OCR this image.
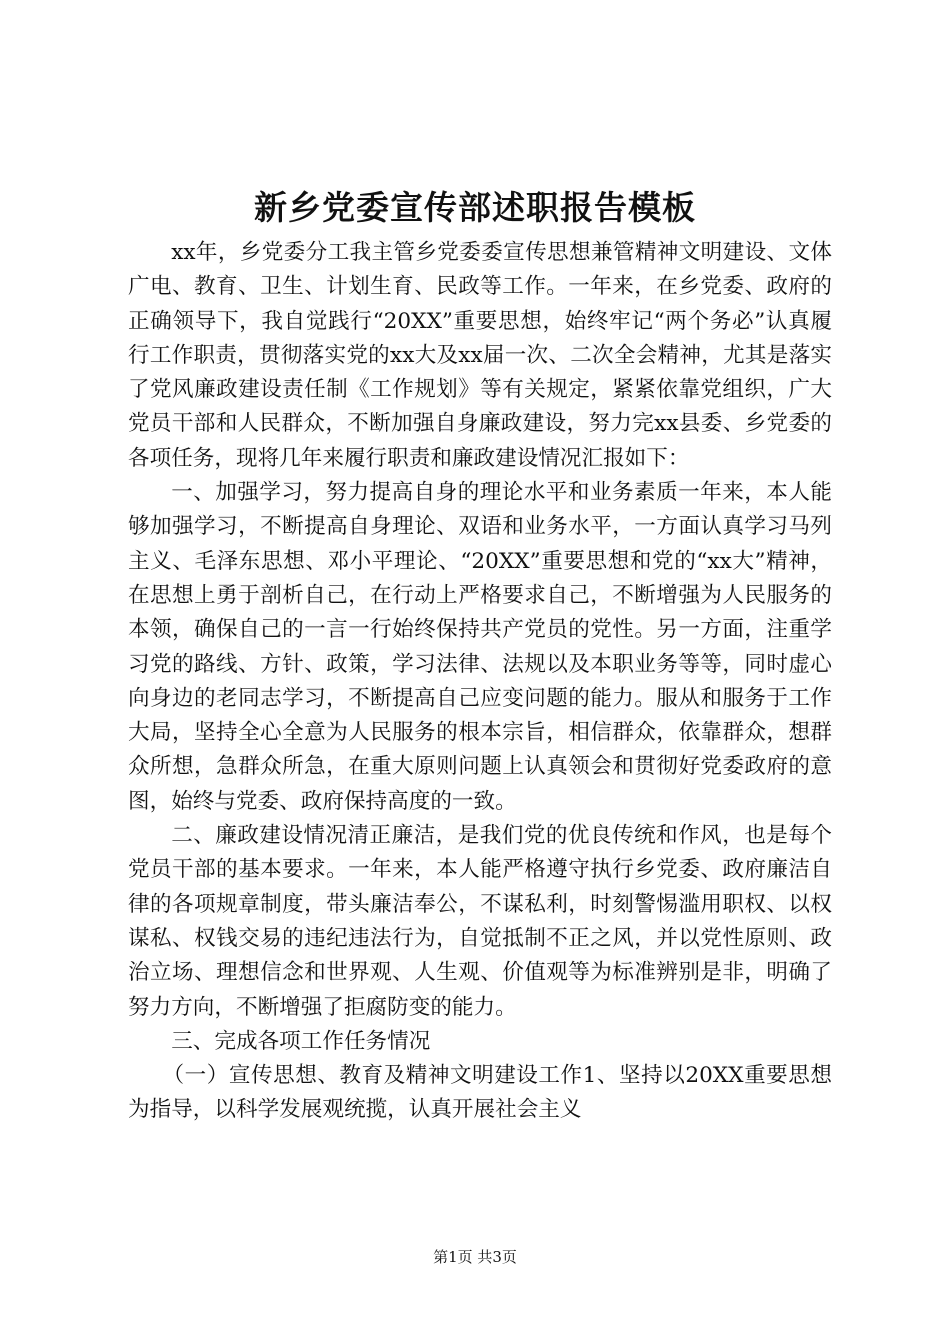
新乡党委宣传部述职报告模板

xx年，乡党委分工我主管乡党委委宣传思想兼管精神文明建设、文体广电、教育、卫生、计划生育、民政等工作。一年来，在乡党委、政府的正确领导下，我自觉践行“20XX”重要思想，始终牢记“两个务必”认真履行工作职责，贯彻落实党的xx大及xx届一次、二次全会精神，尤其是落实了党风廉政建设责任制《工作规划》等有关规定，紧紧依靠党组织，广大党员干部和人民群众，不断加强自身廉政建设，努力完xx县委、乡党委的各项任务，现将几年来履行职责和廉政建设情况汇报如下：

一、加强学习，努力提高自身的理论水平和业务素质一年来，本人能够加强学习，不断提高自身理论、双语和业务水平，一方面认真学习马列主义、毛泽东思想、邓小平理论、“20XX”重要思想和党的“xx大”精神，在思想上勇于剖析自己，在行动上严格要求自己，不断增强为人民服务的本领，确保自己的一言一行始终保持共产党员的党性。另一方面，注重学习党的路线、方针、政策，学习法律、法规以及本职业务等等，同时虚心向身边的老同志学习，不断提高自己应变问题的能力。服从和服务于工作大局，坚持全心全意为人民服务的根本宗旨，相信群众，依靠群众，想群众所想，急群众所急，在重大原则问题上认真领会和贯彻好党委政府的意图，始终与党委、政府保持高度的一致。

二、廉政建设情况清正廉洁，是我们党的优良传统和作风，也是每个党员干部的基本要求。一年来，本人能严格遵守执行乡党委、政府廉洁自律的各项规章制度，带头廉洁奉公，不谋私利，时刻警惕滥用职权、以权谋私、权钱交易的违纪违法行为，自觉抵制不正之风，并以党性原则、政治立场、理想信念和世界观、人生观、价值观等为标准辨别是非，明确了努力方向，不断增强了拒腐防变的能力。

三、完成各项工作任务情况

（一）宣传思想、教育及精神文明建设工作1、坚持以20XX重要思想为指导，以科学发展观统揽，认真开展社会主义

第1页 共3页
